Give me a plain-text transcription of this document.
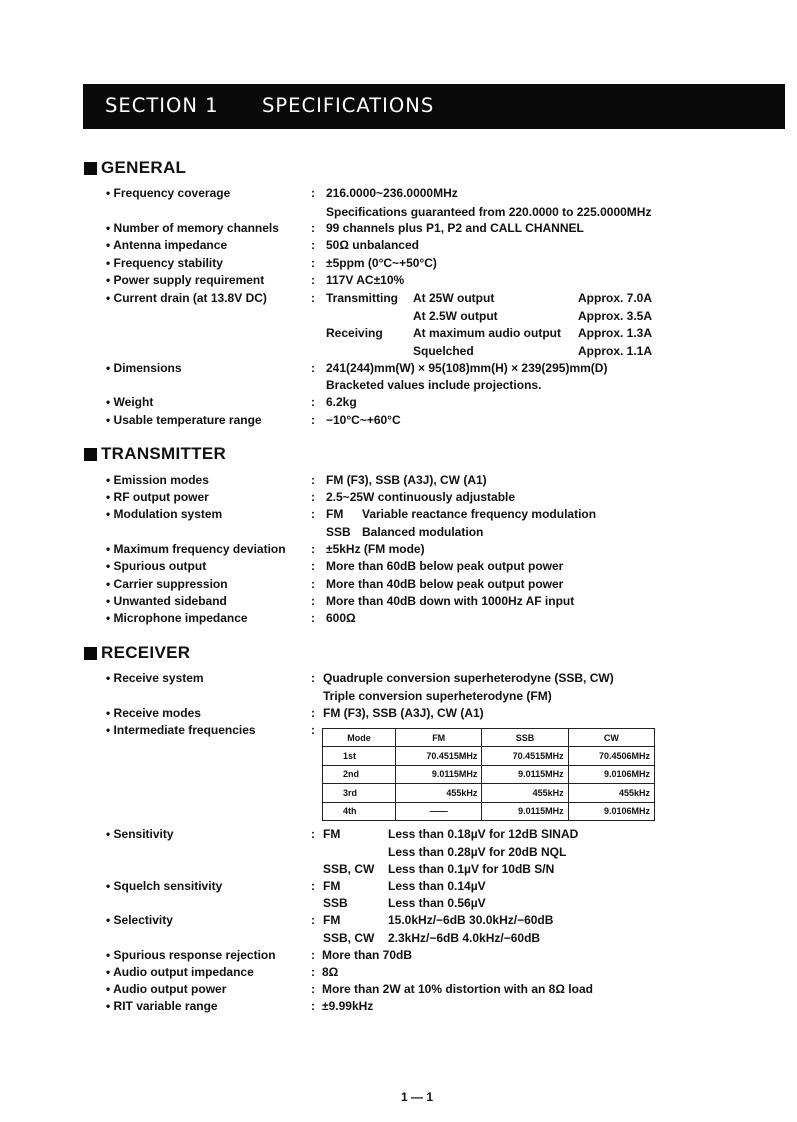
SECTION 1 SPECIFICATIONS
GENERAL
• Frequency coverage	: 216.0000~236.0000MHz
Specifications guaranteed from 220.0000 to 225.0000MHz
• Number of memory channels	: 99 channels plus P1, P2 and CALL CHANNEL
• Antenna impedance	: 50Ω unbalanced
• Frequency stability	: ±5ppm (0°C~+50°C)
• Power supply requirement	: 117V AC±10%
• Current drain (at 13.8V DC)	: Transmitting At 25W output	Approx. 7.0A
At 2.5W output	Approx. 3.5A
Receiving	At maximum audio output Approx. 1.3A
Squelched	Approx. 1.1A
• Dimensions	: 241(244)mm(W) × 95(108)mm(H) × 239(295)mm(D)
Bracketed values include projections.
• Weight	: 6.2kg
• Usable temperature range	: −10°C~+60°C
TRANSMITTER
• Emission modes	: FM (F3), SSB (A3J), CW (A1)
• RF output power	: 2.5~25W continuously adjustable
• Modulation system	: FM Variable reactance frequency modulation
SSB Balanced modulation
• Maximum frequency deviation : ±5kHz (FM mode)
• Spurious output	: More than 60dB below peak output power
• Carrier suppression	: More than 40dB below peak output power
• Unwanted sideband	: More than 40dB down with 1000Hz AF input
• Microphone impedance	: 600Ω
RECEIVER
• Receive system	: Quadruple conversion superheterodyne (SSB, CW)
Triple conversion superheterodyne (FM)
• Receive modes	: FM (F3), SSB (A3J), CW (A1)
• Intermediate frequencies	:
Mode	FM	SSB	CW
1st	70.4515MHz	70.4515MHz	70.4506MHz
2nd	9.0115MHz	9.0115MHz	9.0106MHz
3rd	455kHz	455kHz	455kHz
4th	——	9.0115MHz	9.0106MHz
• Sensitivity	: FM	Less than 0.18µV for 12dB SINAD
Less than 0.28µV for 20dB NQL
SSB, CW Less than 0.1µV for 10dB S/N
• Squelch sensitivity	: FM	Less than 0.14µV
SSB	Less than 0.56µV
• Selectivity	: FM	15.0kHz/−6dB 30.0kHz/−60dB
SSB, CW 2.3kHz/−6dB 4.0kHz/−60dB
• Spurious response rejection	: More than 70dB
• Audio output impedance	: 8Ω
• Audio output power	: More than 2W at 10% distortion with an 8Ω load
• RIT variable range	: ±9.99kHz
1 — 1
